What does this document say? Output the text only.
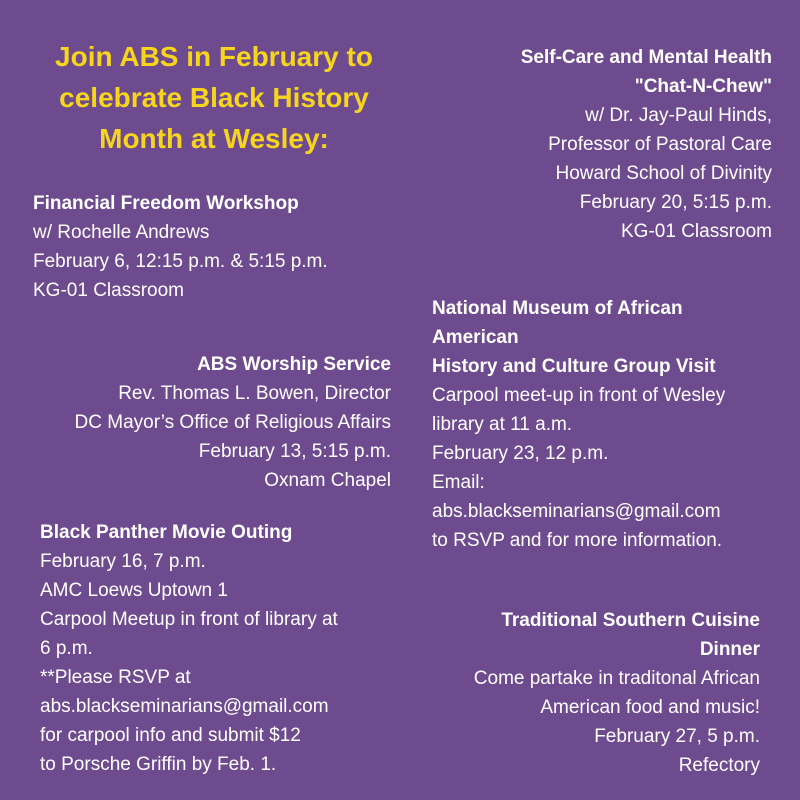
Join ABS in February to
celebrate Black History
Month at Wesley:
Financial Freedom Workshop
w/ Rochelle Andrews
February 6, 12:15 p.m. & 5:15 p.m.
KG-01 Classroom
ABS Worship Service
Rev. Thomas L. Bowen, Director
DC Mayor’s Office of Religious Affairs
February 13, 5:15 p.m.
Oxnam Chapel
Black Panther Movie Outing
February 16, 7 p.m.
AMC Loews Uptown 1
Carpool Meetup in front of library at
6 p.m.
**Please RSVP at
abs.blackseminarians@gmail.com
for carpool info and submit $12
to Porsche Griffin by Feb. 1.
Self-Care and Mental Health
"Chat-N-Chew"
w/ Dr. Jay-Paul Hinds,
Professor of Pastoral Care
Howard School of Divinity
February 20, 5:15 p.m.
KG-01 Classroom
National Museum of African
American
History and Culture Group Visit
Carpool meet-up in front of Wesley
library at 11 a.m.
February 23, 12 p.m.
Email:
abs.blackseminarians@gmail.com
to RSVP and for more information.
Traditional Southern Cuisine
Dinner
Come partake in traditonal African
American food and music!
February 27, 5 p.m.
Refectory
